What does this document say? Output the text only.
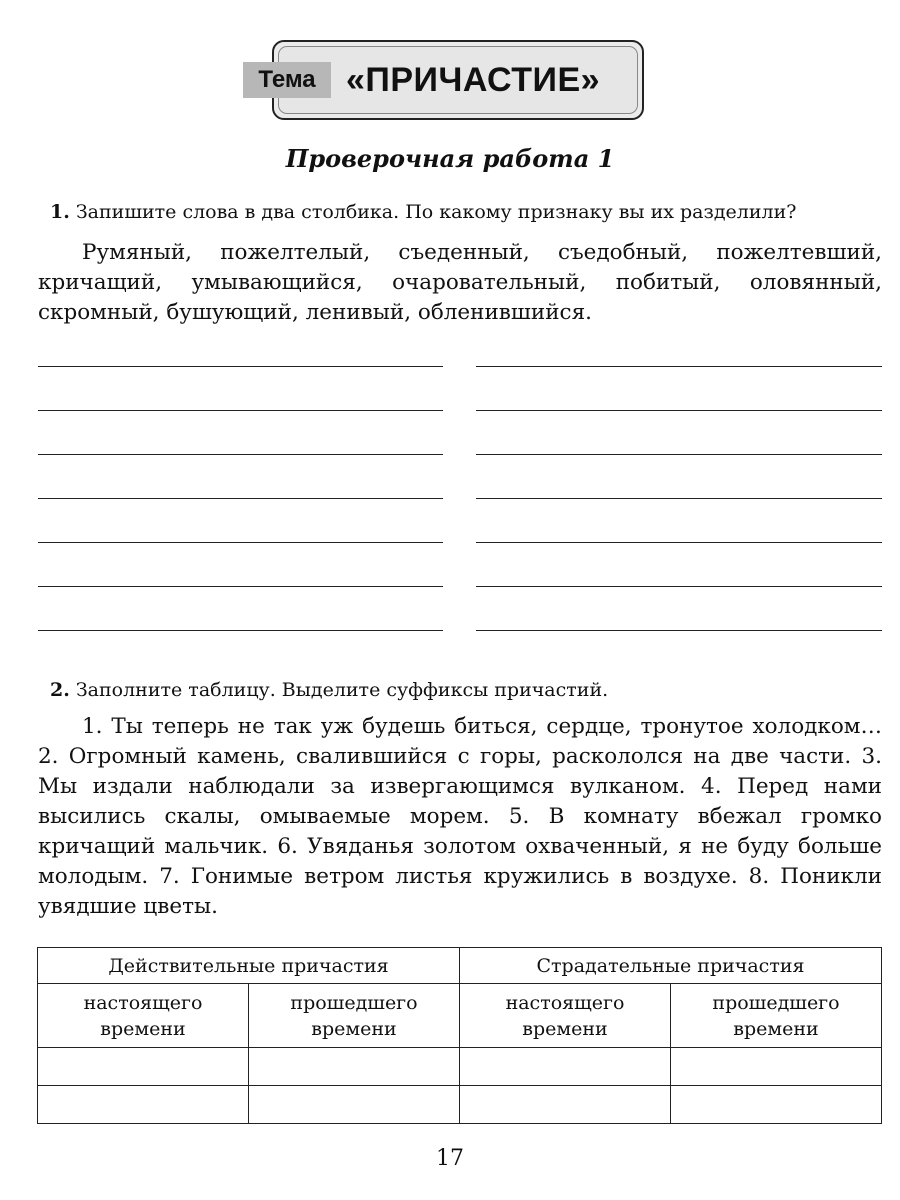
Тема «ПРИЧАСТИЕ»
Проверочная работа 1
1. Запишите слова в два столбика. По какому признаку вы их разделили?
Румяный, пожелтелый, съеденный, съедобный, пожелтевший, кричащий, умывающийся, очаровательный, побитый, оловянный, скромный, бушующий, ленивый, обленившийся.
2. Заполните таблицу. Выделите суффиксы причастий.
1. Ты теперь не так уж будешь биться, сердце, тронутое холодком… 2. Огромный камень, свалившийся с горы, раскололся на две части. 3. Мы издали наблюдали за извергающимся вулканом. 4. Перед нами высились скалы, омываемые морем. 5. В комнату вбежал громко кричащий мальчик. 6. Увяданья золотом охваченный, я не буду больше молодым. 7. Гонимые ветром листья кружились в воздухе. 8. Поникли увядшие цветы.
Действительные причастия		Страдательные причастия	
настоящего времени	прошедшего времени	настоящего времени	прошедшего времени

17
